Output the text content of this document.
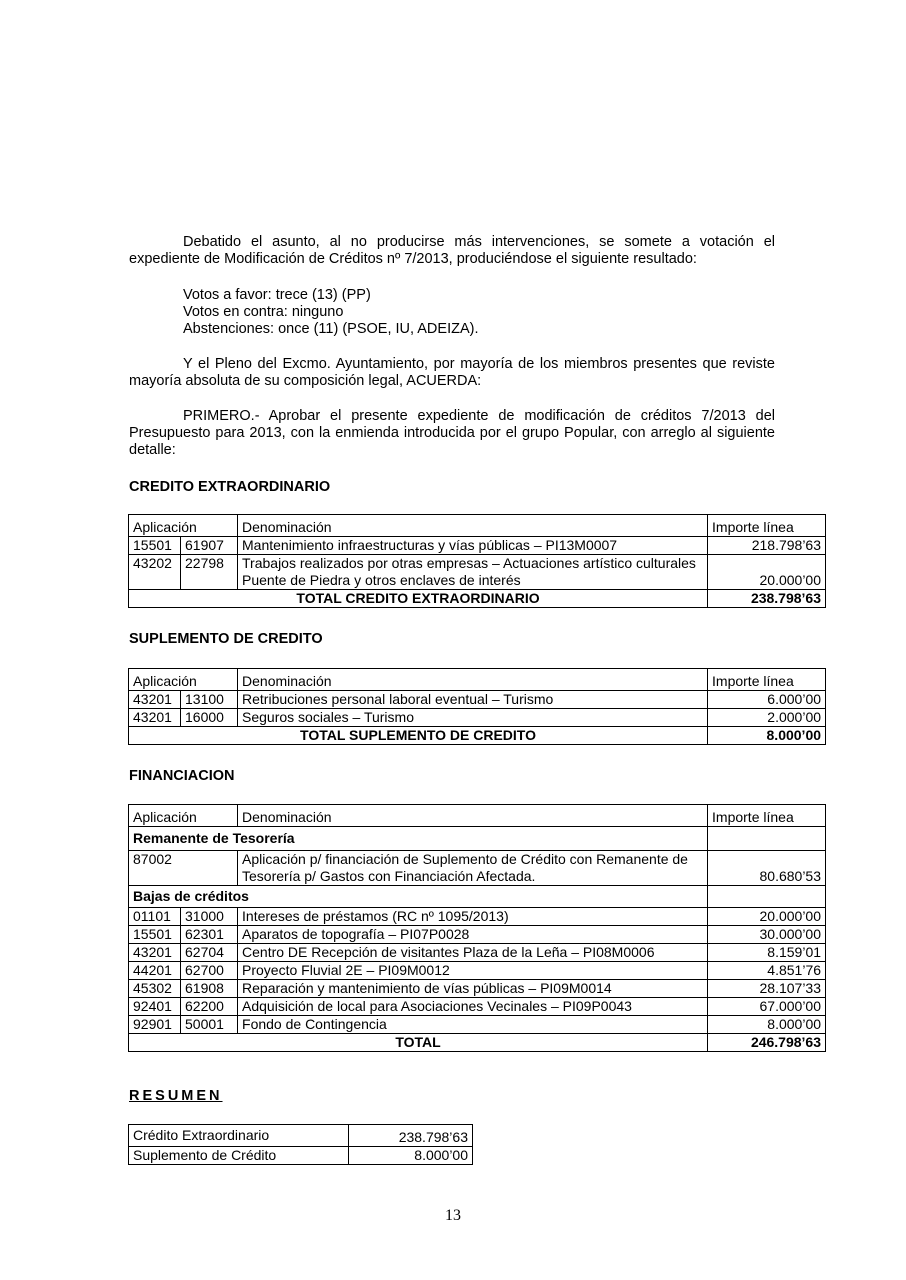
Debatido el asunto, al no producirse más intervenciones, se somete a votación el expediente de Modificación de Créditos nº 7/2013, produciéndose el siguiente resultado:

Votos a favor: trece (13) (PP)

Votos en contra: ninguno

Abstenciones: once (11) (PSOE, IU, ADEIZA).

Y el Pleno del Excmo. Ayuntamiento, por mayoría de los miembros presentes que reviste mayoría absoluta de su composición legal, ACUERDA:

PRIMERO.- Aprobar el presente expediente de modificación de créditos 7/2013 del Presupuesto para 2013, con la enmienda introducida por el grupo Popular, con arreglo al siguiente detalle:

CREDITO EXTRAORDINARIO
Aplicación		Denominación	Importe línea
15501	61907	Mantenimiento infraestructuras y vías públicas – PI13M0007	218.798’63
43202	22798	Trabajos realizados por otras empresas – Actuaciones artístico culturales Puente de Piedra y otros enclaves de interés	20.000’00
TOTAL CREDITO EXTRAORDINARIO			238.798’63
SUPLEMENTO DE CREDITO
Aplicación		Denominación	Importe línea
43201	13100	Retribuciones personal laboral eventual – Turismo	6.000’00
43201	16000	Seguros sociales – Turismo	2.000’00
TOTAL SUPLEMENTO DE CREDITO			8.000’00
FINANCIACION
Aplicación		Denominación	Importe línea
Remanente de Tesorería			
87002		Aplicación p/ financiación de Suplemento de Crédito con Remanente de Tesorería p/ Gastos con Financiación Afectada.	80.680’53
Bajas de créditos			
01101	31000	Intereses de préstamos (RC nº 1095/2013)	20.000’00
15501	62301	Aparatos de topografía – PI07P0028	30.000’00
43201	62704	Centro DE Recepción de visitantes Plaza de la Leña – PI08M0006	8.159’01
44201	62700	Proyecto Fluvial 2E – PI09M0012	4.851’76
45302	61908	Reparación y mantenimiento de vías públicas – PI09M0014	28.107’33
92401	62200	Adquisición de local para Asociaciones Vecinales – PI09P0043	67.000’00
92901	50001	Fondo de Contingencia	8.000’00
TOTAL			246.798’63
RESUMEN
Crédito Extraordinario	238.798’63
Suplemento de Crédito	8.000’00
13
